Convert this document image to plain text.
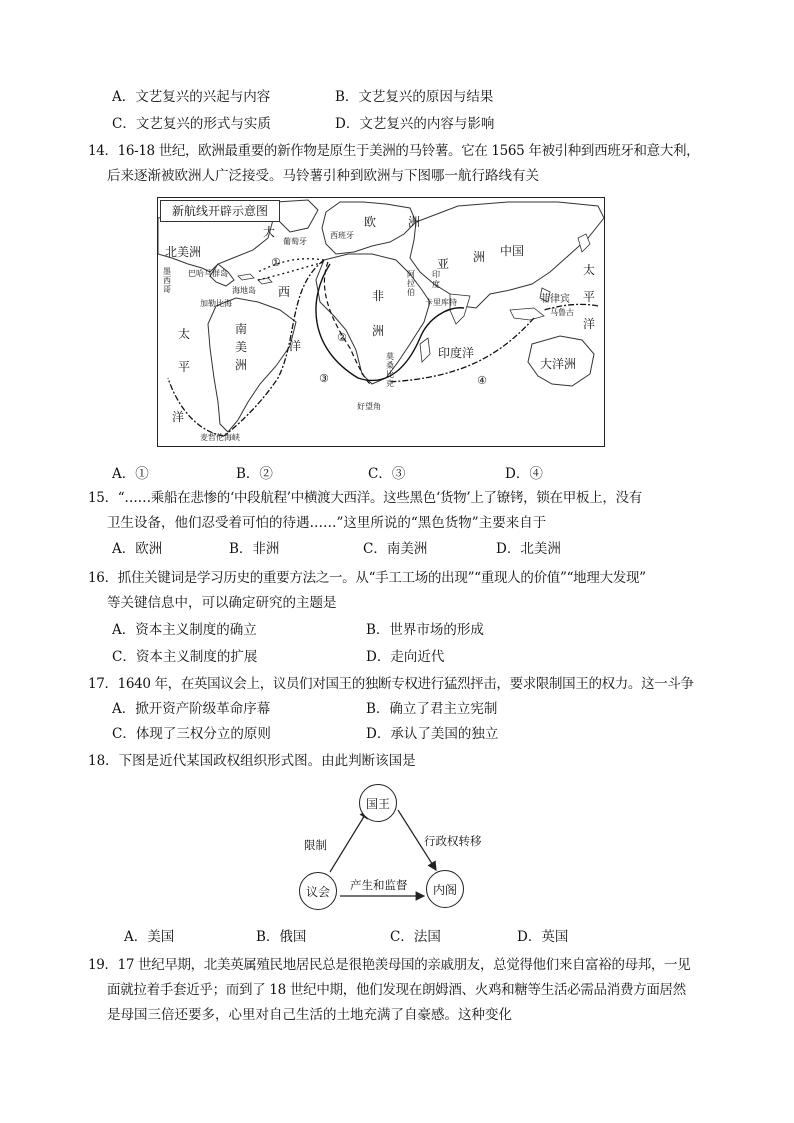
A．文艺复兴的兴起与内容	B．文艺复兴的原因与结果
C．文艺复兴的形式与实质	D．文艺复兴的内容与影响
14．16-18 世纪，欧洲最重要的新作物是原生于美洲的马铃薯。它在 1565 年被引种到西班牙和意大利，
后来逐渐被欧洲人广泛接受。马铃薯引种到欧洲与下图哪一航行路线有关
新航线开辟示意图
北美洲
大
西
洋
欧	洲
葡萄牙
西班牙
亚 洲 中国
太
平
洋
巴哈马群岛
墨西哥	海地岛
加勒比海
非
洲
阿拉伯
印度
卡里库特	菲律宾
马鲁古
太
平
洋
南
美
洲
印度洋
大洋洲
好望角
麦哲伦海峡
莫桑比克
①
②
③	④
A．①	B．②	C．③	D．④
15．“……乘船在悲惨的‘中段航程’中横渡大西洋。这些黑色‘货物’上了镣铐，锁在甲板上，没有
卫生设备，他们忍受着可怕的待遇……”这里所说的“黑色货物”主要来自于
A．欧洲	B．非洲	C．南美洲	D．北美洲
16．抓住关键词是学习历史的重要方法之一。从“手工工场的出现”“重现人的价值”“地理大发现”
等关键信息中，可以确定研究的主题是
A．资本主义制度的确立	B．世界市场的形成
C．资本主义制度的扩展	D．走向近代
17．1640 年，在英国议会上，议员们对国王的独断专权进行猛烈抨击，要求限制国王的权力。这一斗争
A．掀开资产阶级革命序幕	B．确立了君主立宪制
C．体现了三权分立的原则	D．承认了美国的独立
18．下图是近代某国政权组织形式图。由此判断该国是
国王
议会	内阁
限制	行政权转移
产生和监督
A．美国	B．俄国	C．法国	D．英国
19．17 世纪早期，北美英属殖民地居民总是很艳羡母国的亲戚朋友，总觉得他们来自富裕的母邦，一见
面就拉着手套近乎；而到了 18 世纪中期，他们发现在朗姆酒、火鸡和糖等生活必需品消费方面居然
是母国三倍还要多，心里对自己生活的土地充满了自豪感。这种变化
